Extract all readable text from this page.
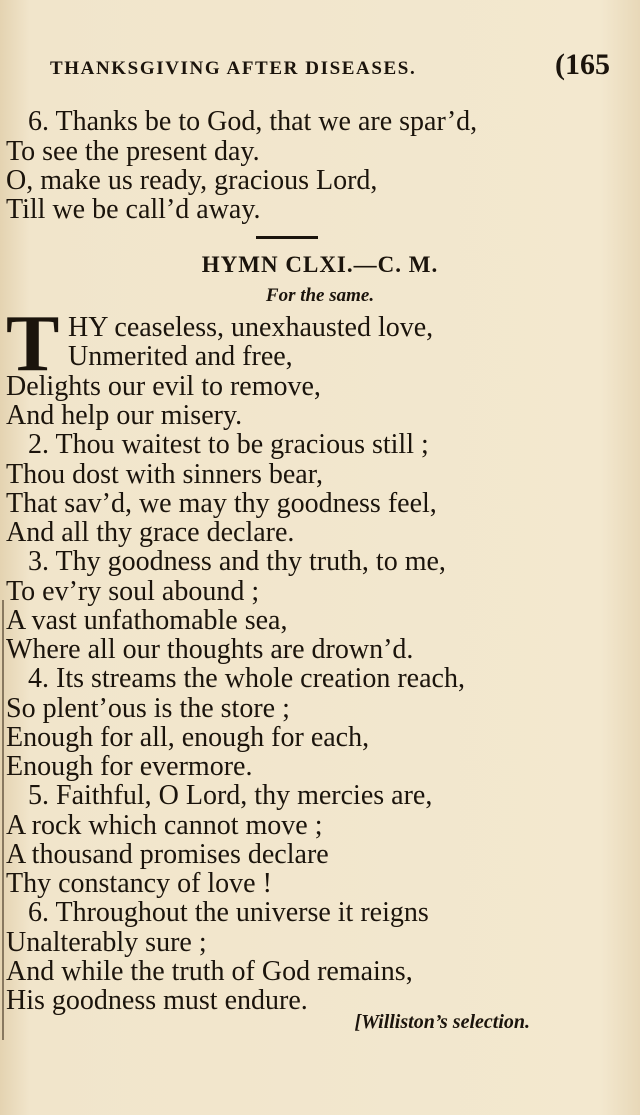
THANKSGIVING AFTER DISEASES.	(165
6. Thanks be to God, that we are spar’d,
To see the present day.
O, make us ready, gracious Lord,
Till we be call’d away.
HYMN CLXI.—C. M.
For the same.
T HY ceaseless, unexhausted love,
Unmerited and free,
Delights our evil to remove,
And help our misery.
2. Thou waitest to be gracious still ;
Thou dost with sinners bear,
That sav’d, we may thy goodness feel,
And all thy grace declare.
3. Thy goodness and thy truth, to me,
To ev’ry soul abound ;
A vast unfathomable sea,
Where all our thoughts are drown’d.
4. Its streams the whole creation reach,
So plent’ous is the store ;
Enough for all, enough for each,
Enough for evermore.
5. Faithful, O Lord, thy mercies are,
A rock which cannot move ;
A thousand promises declare
Thy constancy of love !
6. Throughout the universe it reigns
Unalterably sure ;
And while the truth of God remains,
His goodness must endure.
[Williston’s selection.
